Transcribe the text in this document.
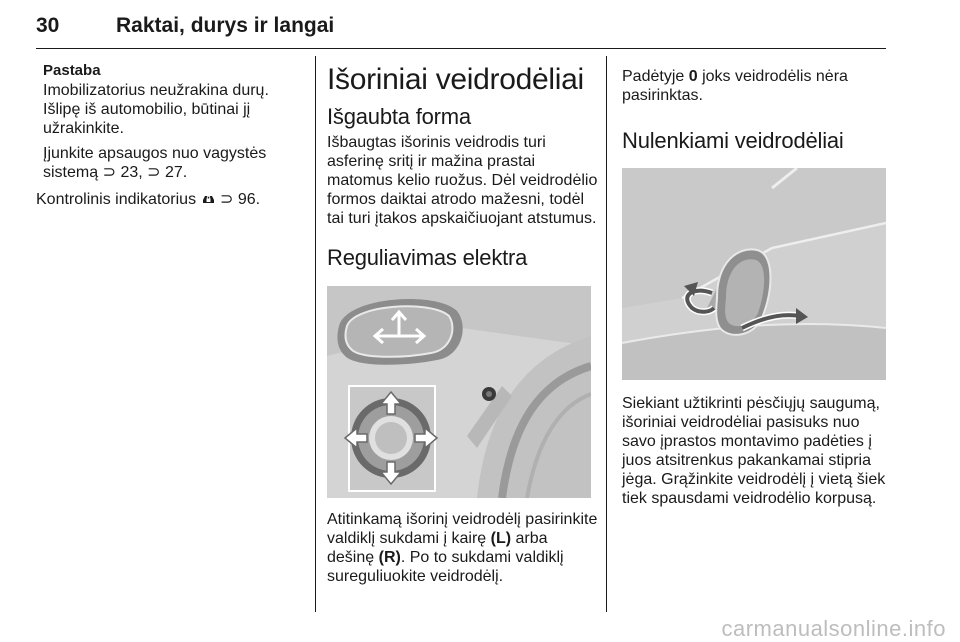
30	Raktai, durys ir langai

Pastaba

Imobilizatorius neužrakina durų. Išlipę iš automobilio, būtinai jį užrakinkite.

Įjunkite apsaugos nuo vagystės sistemą ⊃ 23, ⊃ 27.

Kontrolinis indikatorius ⊃ 96.

Išoriniai veidrodėliai
Išgaubta forma

Išbaugtas išorinis veidrodis turi asferinę sritį ir mažina prastai matomus kelio ruožus. Dėl veidrodėlio formos daiktai atrodo mažesni, todėl tai turi įtakos apskaičiuojant atstumus.

Reguliavimas elektra

Atitinkamą išorinį veidrodėlį pasirinkite valdiklį sukdami į kairę (L) arba dešinę (R). Po to sukdami valdiklį sureguliuokite veidrodėlį.

Padėtyje 0 joks veidrodėlis nėra pasirinktas.

Nulenkiami veidrodėliai

Siekiant užtikrinti pėsčiųjų saugumą, išoriniai veidrodėliai pasisuks nuo savo įprastos montavimo padėties į juos atsitrenkus pakankamai stipria jėga. Grąžinkite veidrodėlį į vietą šiek tiek spausdami veidrodėlio korpusą.

carmanualsonline.info
